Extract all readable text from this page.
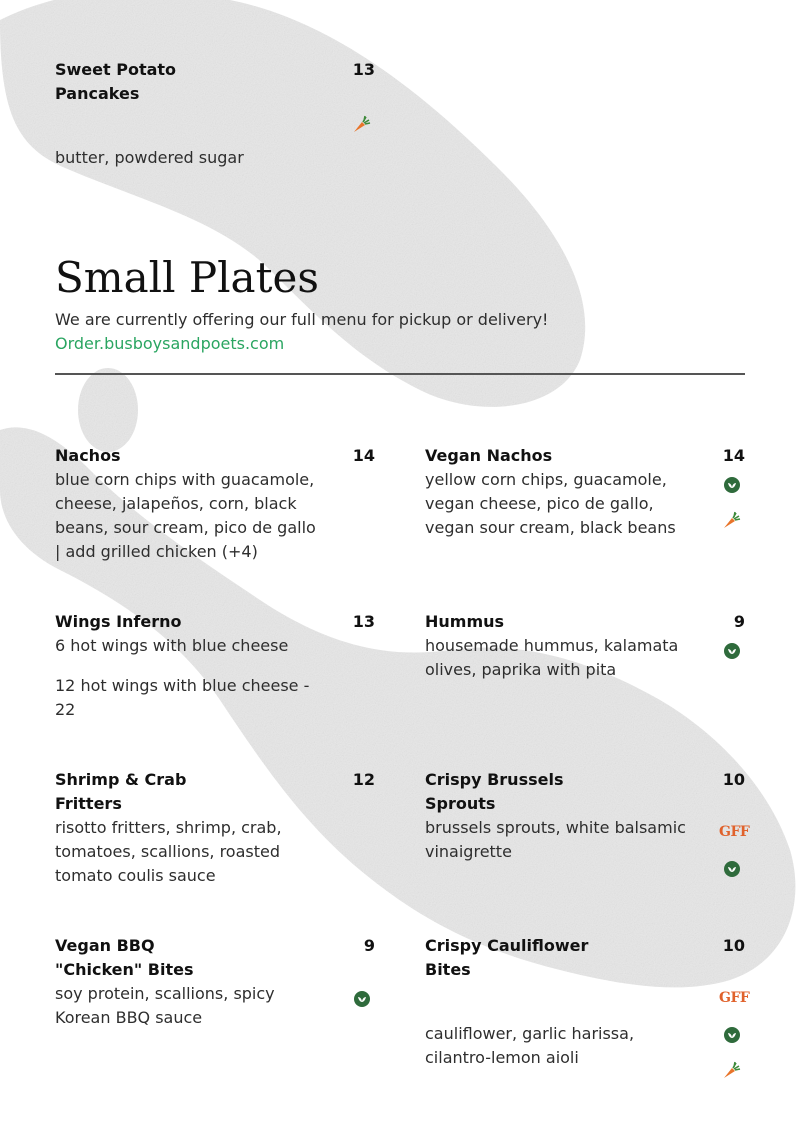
Sweet Potato Pancakes
13
butter, powdered sugar
Small Plates
We are currently offering our full menu for pickup or delivery!
Order.busboysandpoets.com
Nachos	14
blue corn chips with guacamole, cheese, jalapeños, corn, black beans, sour cream, pico de gallo | add grilled chicken (+4)
Vegan Nachos	14
yellow corn chips, guacamole, vegan cheese, pico de gallo, vegan sour cream, black beans
Wings Inferno	13
6 hot wings with blue cheese
12 hot wings with blue cheese - 22
Hummus	9
housemade hummus, kalamata olives, paprika with pita
Shrimp & Crab Fritters
12
risotto fritters, shrimp, crab, tomatoes, scallions, roasted tomato coulis sauce
Crispy Brussels Sprouts
10
brussels sprouts, white balsamic vinaigrette
GFF
Vegan BBQ "Chicken" Bites
9
soy protein, scallions, spicy Korean BBQ sauce
Crispy Cauliflower Bites
10
GFF
cauliflower, garlic harissa, cilantro-lemon aioli
